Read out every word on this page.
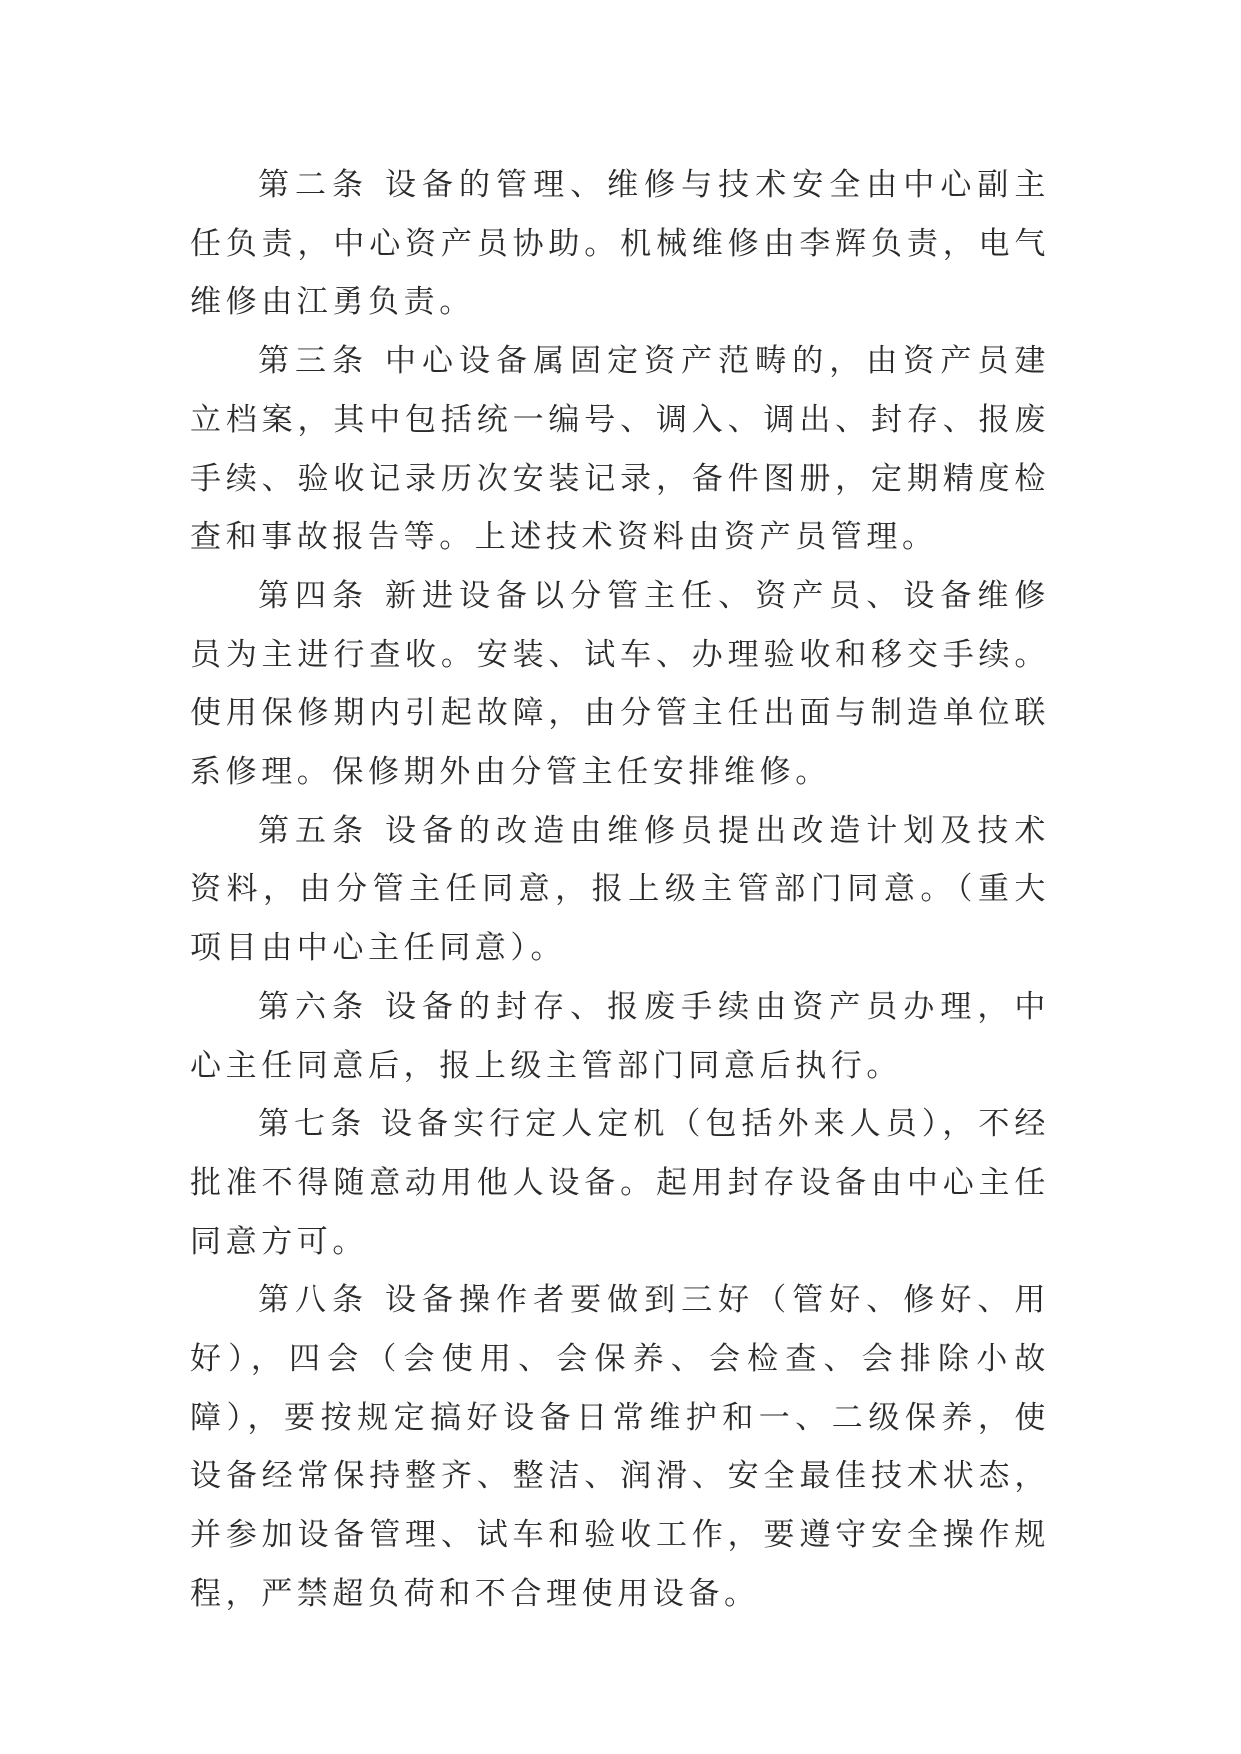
第二条 设备的管理、维修与技术安全由中心副主任负责，中心资产员协助。机械维修由李辉负责，电气维修由江勇负责。

第三条 中心设备属固定资产范畴的，由资产员建立档案，其中包括统一编号、调入、调出、封存、报废手续、验收记录历次安装记录，备件图册，定期精度检查和事故报告等。上述技术资料由资产员管理。

第四条 新进设备以分管主任、资产员、设备维修员为主进行查收。安装、试车、办理验收和移交手续。使用保修期内引起故障，由分管主任出面与制造单位联系修理。保修期外由分管主任安排维修。

第五条 设备的改造由维修员提出改造计划及技术资料，由分管主任同意，报上级主管部门同意。（重大项目由中心主任同意）。

第六条 设备的封存、报废手续由资产员办理，中心主任同意后，报上级主管部门同意后执行。

第七条 设备实行定人定机（包括外来人员），不经批准不得随意动用他人设备。起用封存设备由中心主任同意方可。

第八条 设备操作者要做到三好（管好、修好、用好），四会（会使用、会保养、会检查、会排除小故障），要按规定搞好设备日常维护和一、二级保养，使设备经常保持整齐、整洁、润滑、安全最佳技术状态，并参加设备管理、试车和验收工作，要遵守安全操作规程，严禁超负荷和不合理使用设备。
